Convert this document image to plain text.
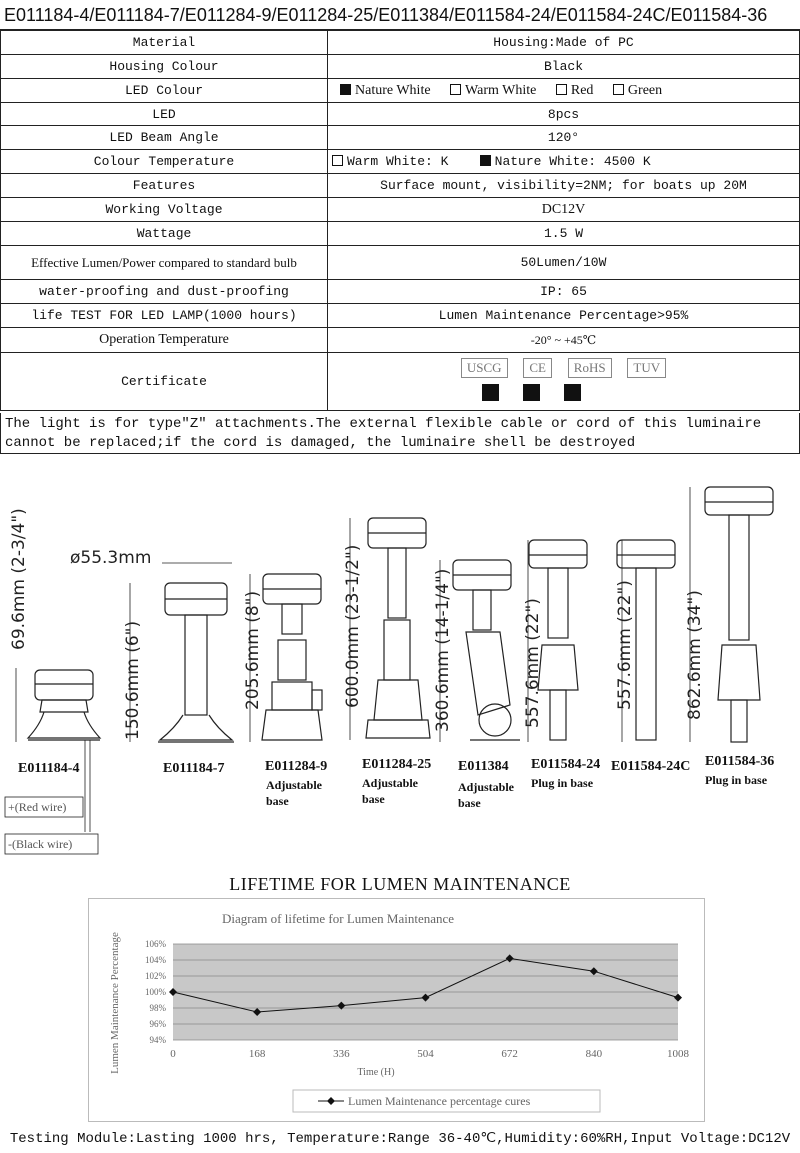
E011184-4/E011184-7/E011284-9/E011284-25/E011384/E011584-24/E011584-24C/E011584-36
Material	Housing:Made of PC
Housing Colour	Black
LED Colour	Nature White Warm White Red Green
LED	8pcs
LED Beam Angle	120°
Colour Temperature	Warm White: K Nature White: 4500 K
Features	Surface mount, visibility=2NM; for boats up 20M
Working Voltage	DC12V
Wattage	1.5 W
Effective Lumen/Power compared to standard bulb	50Lumen/10W
water-proofing and dust-proofing	IP: 65
life TEST FOR LED LAMP(1000 hours)	Lumen Maintenance Percentage>95%
Operation Temperature	-20° ~ +45℃
Certificate	USCG CE RoHS TUV
The light is for type"Z" attachments.The external flexible cable or cord of this luminaire cannot be replaced;if the cord is damaged, the luminaire shell be destroyed
ø55.3mm
69.6mm (2-3/4")
150.6mm (6")	205.6mm (8")	600.0mm (23-1/2")	360.6mm (14-1/4")	557.6mm (22")	557.6mm (22")	862.6mm (34")
E011184-4	E011184-7	E011284-9 E011284-25 E011384 E011584-24 E011584-24C E011584-36
Adjustable
base
Adjustable
base
Adjustable
base
Plug in base	Plug in base
+(Red wire)
-(Black wire)
LIFETIME FOR LUMEN MAINTENANCE
Diagram of lifetime for Lumen Maintenance
94%
96%
98%
100%
102%
104%
106%
0	168	336	504	672	840	1008
Time (H)
Lumen Maintenance Percentage
Lumen Maintenance percentage cures
Testing Module:Lasting 1000 hrs, Temperature:Range 36-40℃,Humidity:60%RH,Input Voltage:DC12V
